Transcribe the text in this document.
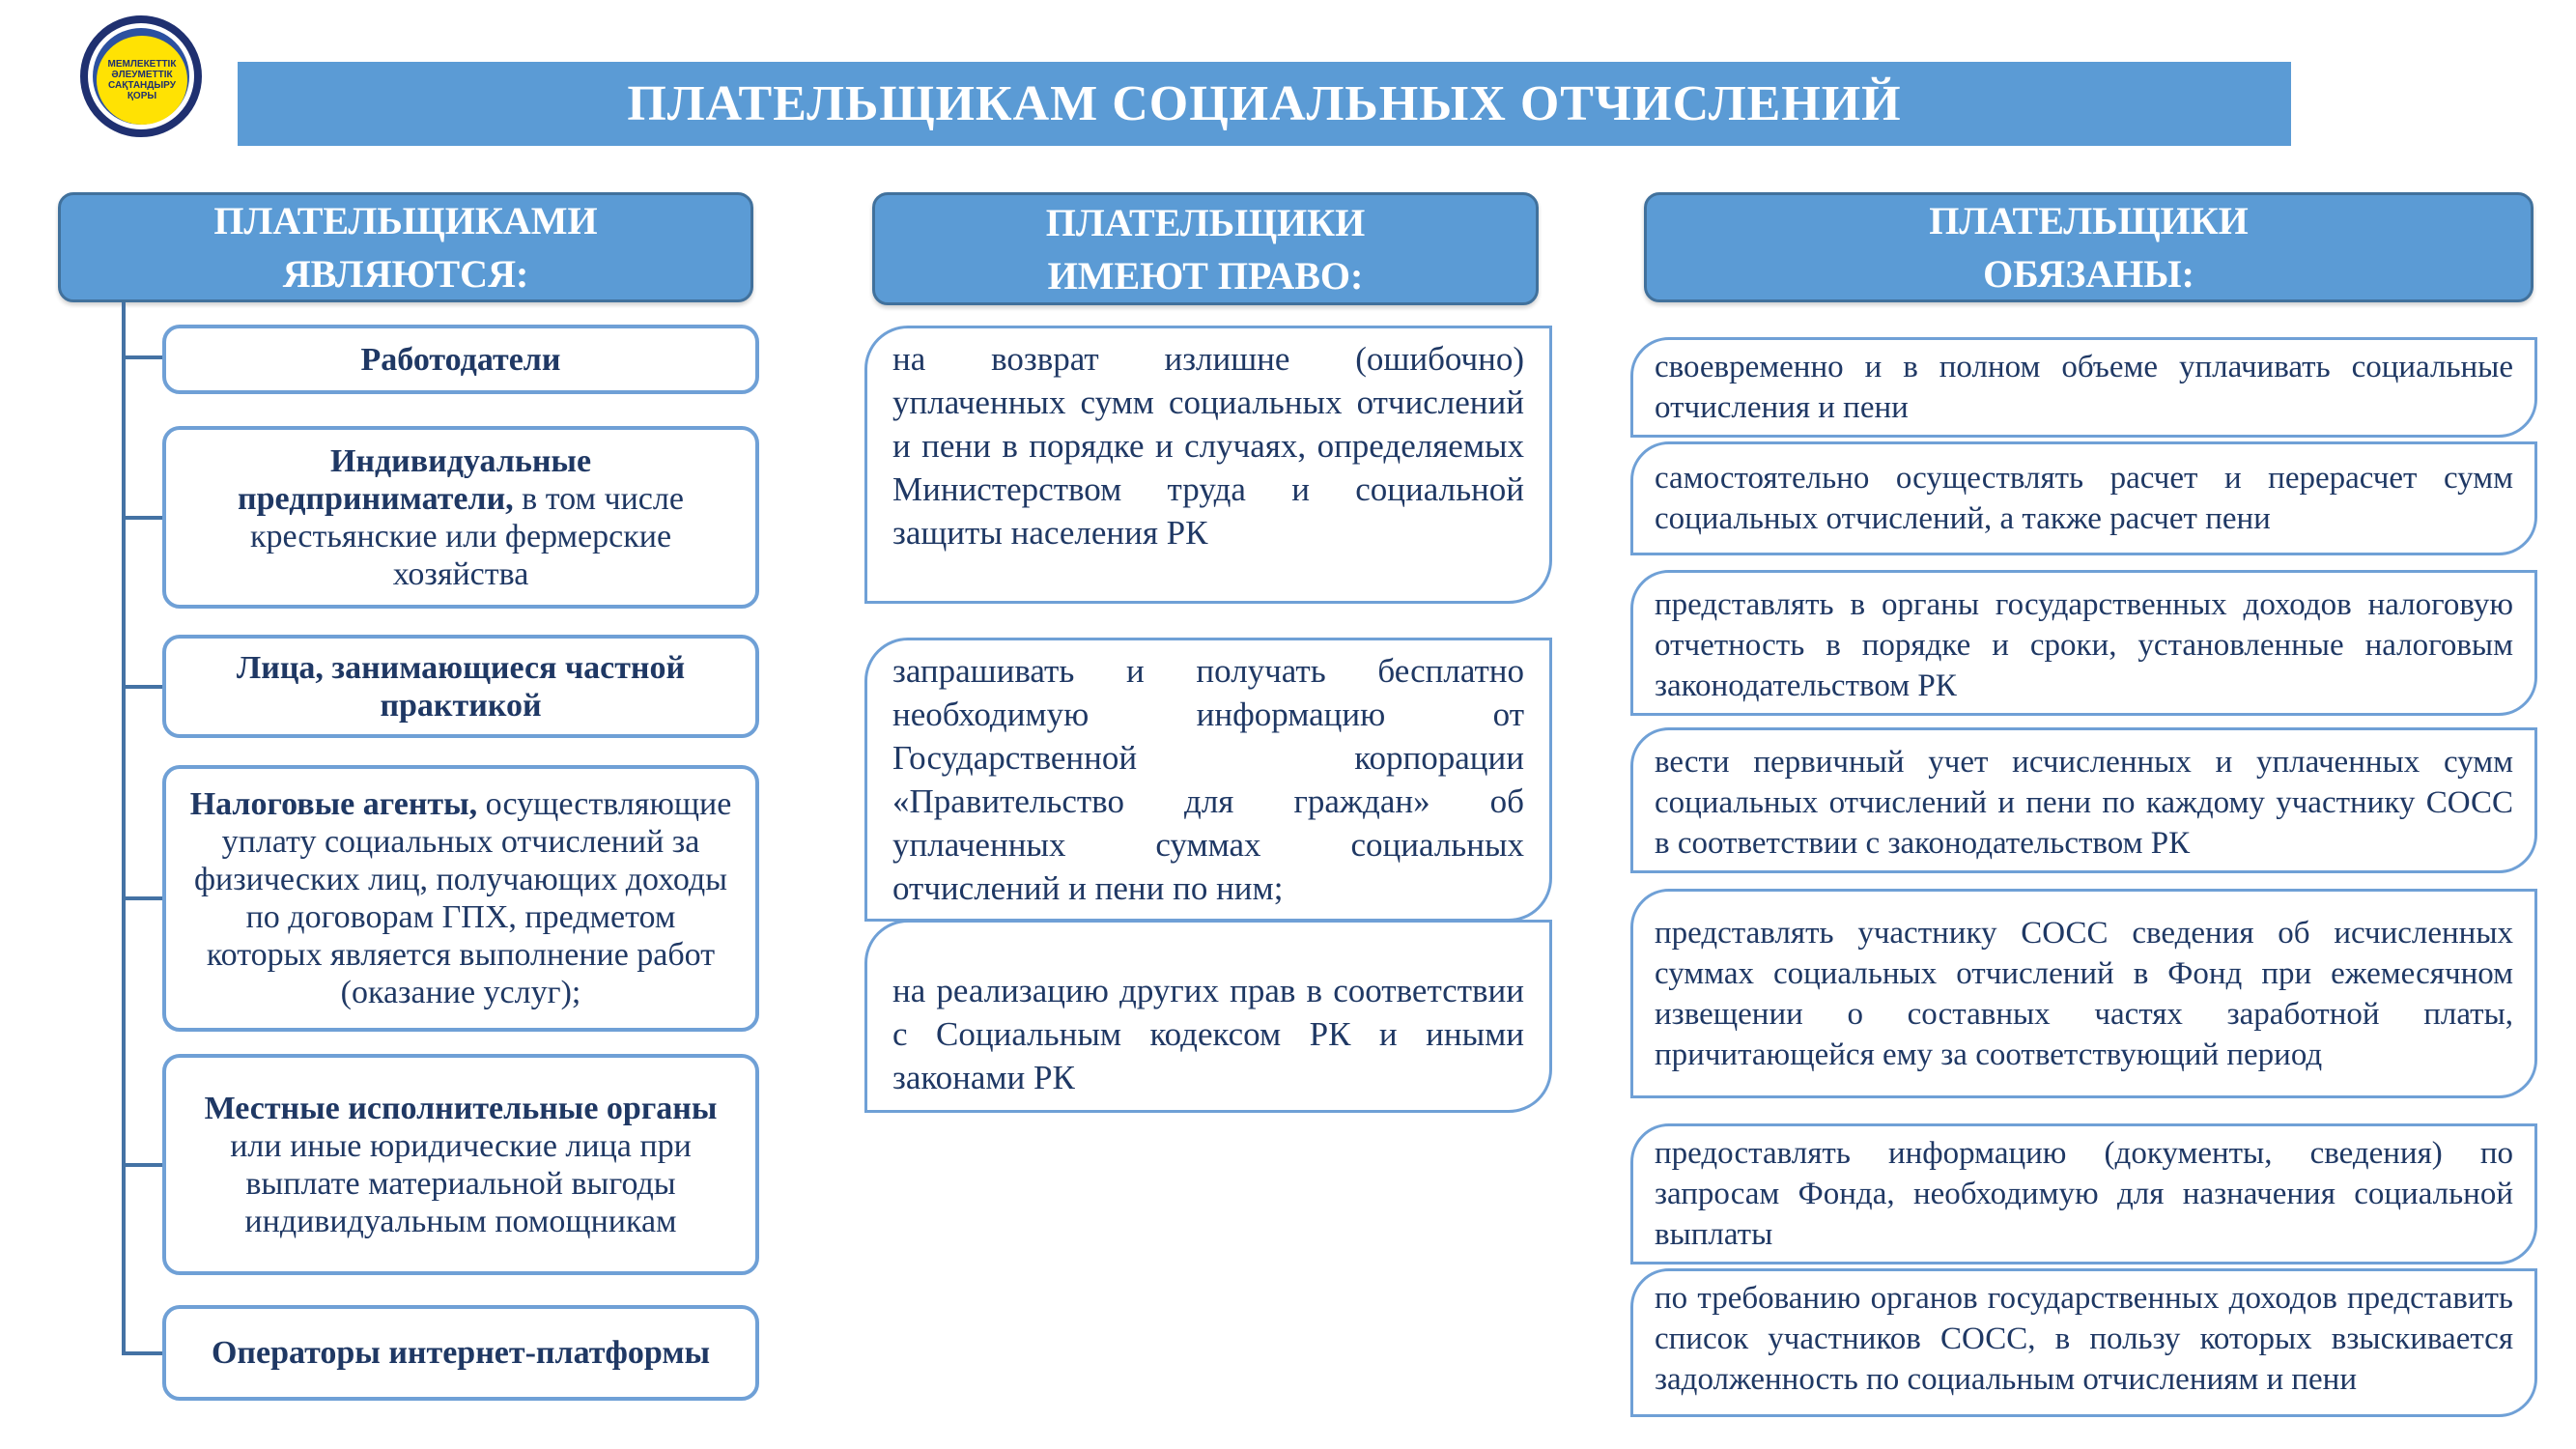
МЕМЛЕКЕТТІК
ӘЛЕУМЕТТІК
САҚТАНДЫРУ
ҚОРЫ	ПЛАТЕЛЬЩИКАМ СОЦИАЛЬНЫХ ОТЧИСЛЕНИЙ
ПЛАТЕЛЬЩИКАМИ
ЯВЛЯЮТСЯ:
ПЛАТЕЛЬЩИКИ
ИМЕЮТ ПРАВО:
ПЛАТЕЛЬЩИКИ
ОБЯЗАНЫ:

Работодатели

Индивидуальные предприниматели, в том числе крестьянские или фермерские хозяйства

Лица, занимающиеся частной практикой

Налоговые агенты, осуществляющие уплату социальных отчислений за физических лиц, получающих доходы по договорам ГПХ, предметом которых является выполнение работ (оказание услуг);

Местные исполнительные органы или иные юридические лица при выплате материальной выгоды индивидуальным помощникам

Операторы интернет-платформы

на возврат излишне (ошибочно) уплаченных сумм социальных отчислений и пени в порядке и случаях, определяемых Министерством труда и социальной защиты населения РК
запрашивать и получать бесплатно необходимую информацию от Государственной корпорации «Правительство для граждан» об уплаченных суммах социальных отчислений и пени по ним;
на реализацию других прав в соответствии с Социальным кодексом РК и иными законами РК
своевременно и в полном объеме уплачивать социальные отчисления и пени
самостоятельно осуществлять расчет и перерасчет сумм социальных отчислений, а также расчет пени
представлять в органы государственных доходов налоговую отчетность в порядке и сроки, установленные налоговым законодательством РК
вести первичный учет исчисленных и уплаченных сумм социальных отчислений и пени по каждому участнику СОСС в соответствии с законодательством РК
представлять участнику СОСС сведения об исчисленных суммах социальных отчислений в Фонд при ежемесячном извещении о составных частях заработной платы, причитающейся ему за соответствующий период
предоставлять информацию (документы, сведения) по запросам Фонда, необходимую для назначения социальной выплаты
по требованию органов государственных доходов представить список участников СОСС, в пользу которых взыскивается задолженность по социальным отчислениям и пени
